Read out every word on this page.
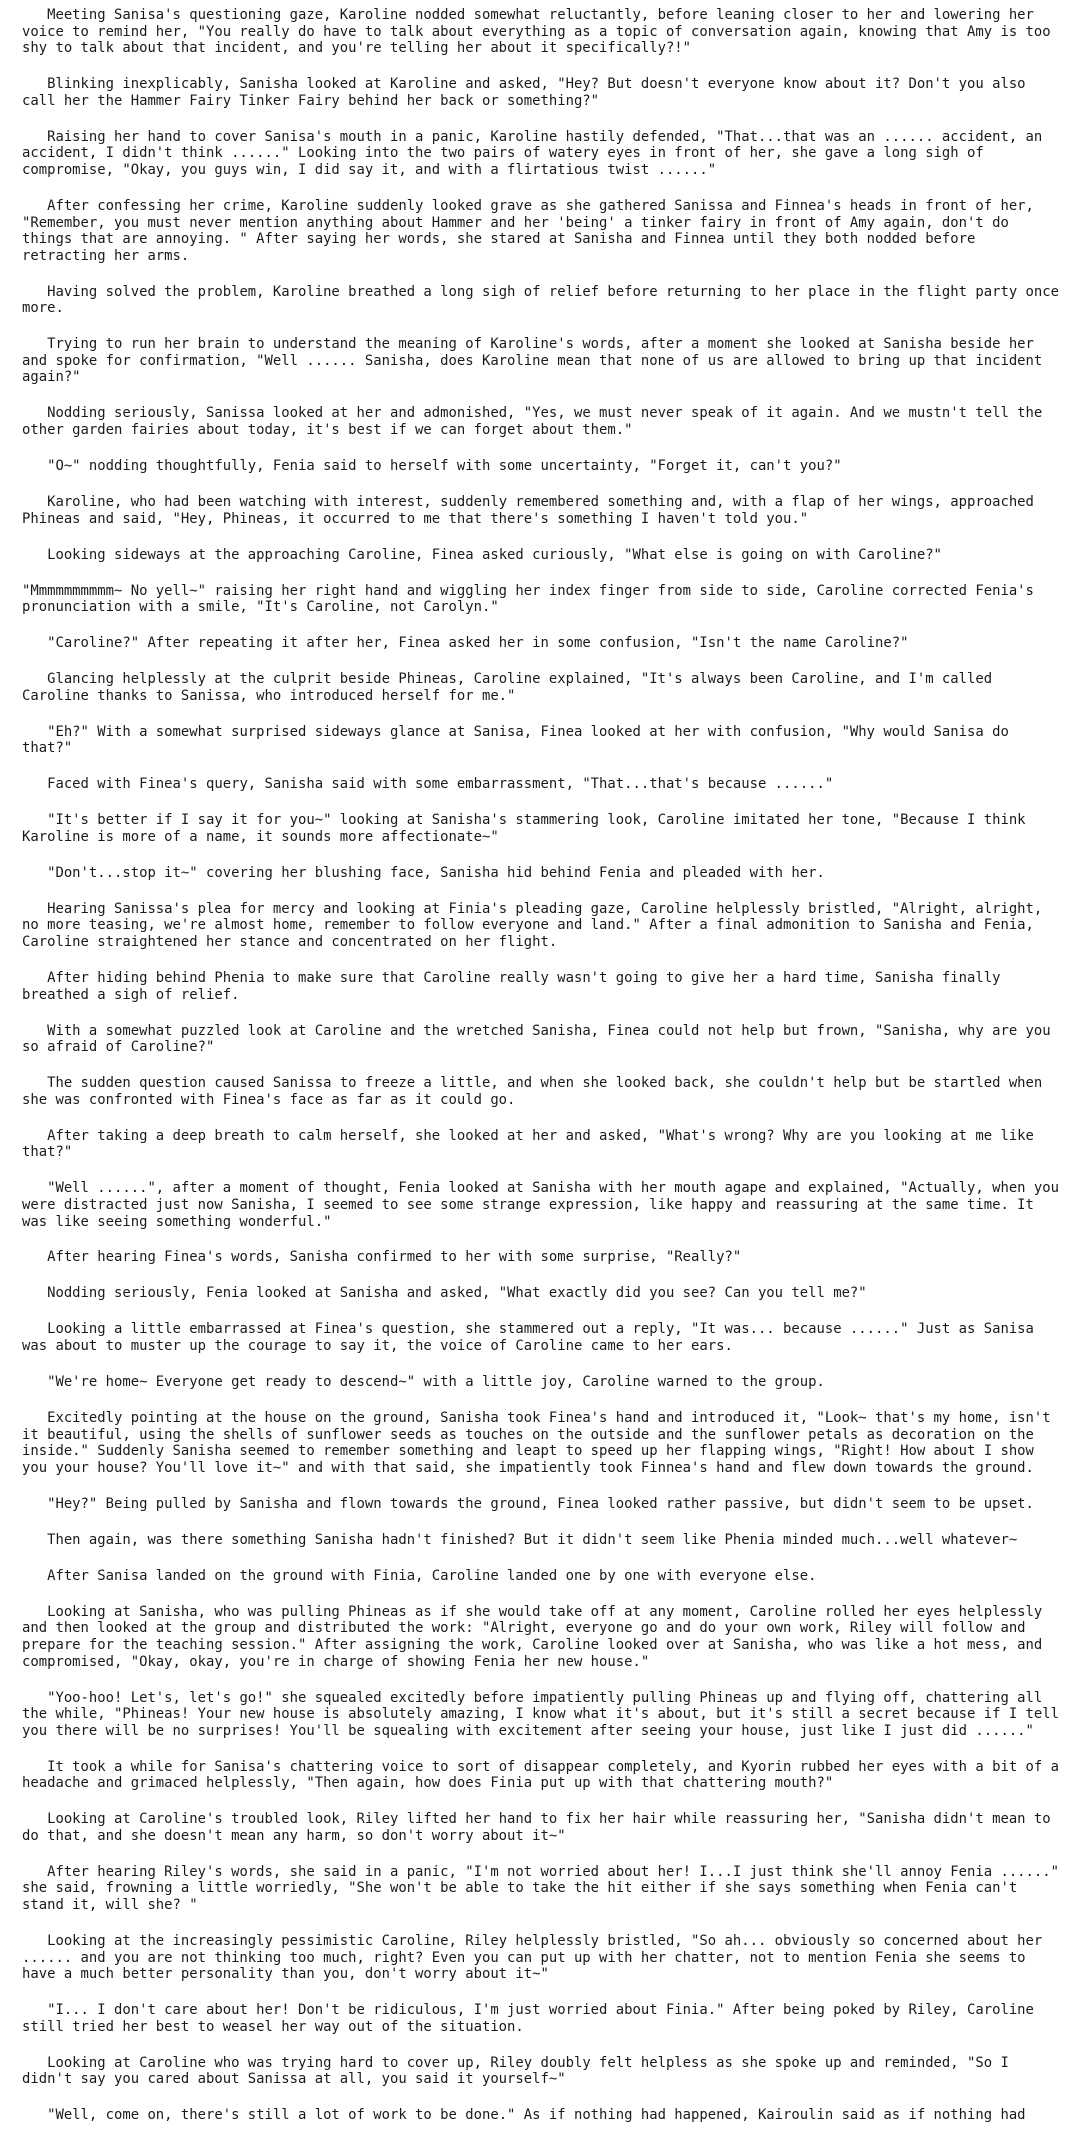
Meeting Sanisa's questioning gaze, Karoline nodded somewhat reluctantly, before leaning closer to her and lowering her voice to remind her, "You really do have to talk about everything as a topic of conversation again, knowing that Amy is too shy to talk about that incident, and you're telling her about it specifically?!"

Blinking inexplicably, Sanisha looked at Karoline and asked, "Hey? But doesn't everyone know about it? Don't you also call her the Hammer Fairy Tinker Fairy behind her back or something?"

Raising her hand to cover Sanisa's mouth in a panic, Karoline hastily defended, "That...that was an ...... accident, an accident, I didn't think ......" Looking into the two pairs of watery eyes in front of her, she gave a long sigh of compromise, "Okay, you guys win, I did say it, and with a flirtatious twist ......"

After confessing her crime, Karoline suddenly looked grave as she gathered Sanissa and Finnea's heads in front of her, "Remember, you must never mention anything about Hammer and her 'being' a tinker fairy in front of Amy again, don't do things that are annoying. " After saying her words, she stared at Sanisha and Finnea until they both nodded before retracting her arms.

Having solved the problem, Karoline breathed a long sigh of relief before returning to her place in the flight party once more.

Trying to run her brain to understand the meaning of Karoline's words, after a moment she looked at Sanisha beside her and spoke for confirmation, "Well ...... Sanisha, does Karoline mean that none of us are allowed to bring up that incident again?"

Nodding seriously, Sanissa looked at her and admonished, "Yes, we must never speak of it again. And we mustn't tell the other garden fairies about today, it's best if we can forget about them."

"O~" nodding thoughtfully, Fenia said to herself with some uncertainty, "Forget it, can't you?"

Karoline, who had been watching with interest, suddenly remembered something and, with a flap of her wings, approached Phineas and said, "Hey, Phineas, it occurred to me that there's something I haven't told you."

Looking sideways at the approaching Caroline, Finea asked curiously, "What else is going on with Caroline?"

"Mmmmmmmmmm~ No yell~" raising her right hand and wiggling her index finger from side to side, Caroline corrected Fenia's pronunciation with a smile, "It's Caroline, not Carolyn."

"Caroline?" After repeating it after her, Finea asked her in some confusion, "Isn't the name Caroline?"

Glancing helplessly at the culprit beside Phineas, Caroline explained, "It's always been Caroline, and I'm called Caroline thanks to Sanissa, who introduced herself for me."

"Eh?" With a somewhat surprised sideways glance at Sanisa, Finea looked at her with confusion, "Why would Sanisa do that?"

Faced with Finea's query, Sanisha said with some embarrassment, "That...that's because ......"

"It's better if I say it for you~" looking at Sanisha's stammering look, Caroline imitated her tone, "Because I think Karoline is more of a name, it sounds more affectionate~"

"Don't...stop it~" covering her blushing face, Sanisha hid behind Fenia and pleaded with her.

Hearing Sanissa's plea for mercy and looking at Finia's pleading gaze, Caroline helplessly bristled, "Alright, alright, no more teasing, we're almost home, remember to follow everyone and land." After a final admonition to Sanisha and Fenia, Caroline straightened her stance and concentrated on her flight.

After hiding behind Phenia to make sure that Caroline really wasn't going to give her a hard time, Sanisha finally breathed a sigh of relief.

With a somewhat puzzled look at Caroline and the wretched Sanisha, Finea could not help but frown, "Sanisha, why are you so afraid of Caroline?"

The sudden question caused Sanissa to freeze a little, and when she looked back, she couldn't help but be startled when she was confronted with Finea's face as far as it could go.

After taking a deep breath to calm herself, she looked at her and asked, "What's wrong? Why are you looking at me like that?"

"Well ......", after a moment of thought, Fenia looked at Sanisha with her mouth agape and explained, "Actually, when you were distracted just now Sanisha, I seemed to see some strange expression, like happy and reassuring at the same time. It was like seeing something wonderful."

After hearing Finea's words, Sanisha confirmed to her with some surprise, "Really?"

Nodding seriously, Fenia looked at Sanisha and asked, "What exactly did you see? Can you tell me?"

Looking a little embarrassed at Finea's question, she stammered out a reply, "It was... because ......" Just as Sanisa was about to muster up the courage to say it, the voice of Caroline came to her ears.

"We're home~ Everyone get ready to descend~" with a little joy, Caroline warned to the group.

Excitedly pointing at the house on the ground, Sanisha took Finea's hand and introduced it, "Look~ that's my home, isn't it beautiful, using the shells of sunflower seeds as touches on the outside and the sunflower petals as decoration on the inside." Suddenly Sanisha seemed to remember something and leapt to speed up her flapping wings, "Right! How about I show you your house? You'll love it~" and with that said, she impatiently took Finnea's hand and flew down towards the ground.

"Hey?" Being pulled by Sanisha and flown towards the ground, Finea looked rather passive, but didn't seem to be upset.

Then again, was there something Sanisha hadn't finished? But it didn't seem like Phenia minded much...well whatever~

After Sanisa landed on the ground with Finia, Caroline landed one by one with everyone else.

Looking at Sanisha, who was pulling Phineas as if she would take off at any moment, Caroline rolled her eyes helplessly and then looked at the group and distributed the work: "Alright, everyone go and do your own work, Riley will follow and prepare for the teaching session." After assigning the work, Caroline looked over at Sanisha, who was like a hot mess, and compromised, "Okay, okay, you're in charge of showing Fenia her new house."

"Yoo-hoo! Let's, let's go!" she squealed excitedly before impatiently pulling Phineas up and flying off, chattering all the while, "Phineas! Your new house is absolutely amazing, I know what it's about, but it's still a secret because if I tell you there will be no surprises! You'll be squealing with excitement after seeing your house, just like I just did ......"

It took a while for Sanisa's chattering voice to sort of disappear completely, and Kyorin rubbed her eyes with a bit of a headache and grimaced helplessly, "Then again, how does Finia put up with that chattering mouth?"

Looking at Caroline's troubled look, Riley lifted her hand to fix her hair while reassuring her, "Sanisha didn't mean to do that, and she doesn't mean any harm, so don't worry about it~"

After hearing Riley's words, she said in a panic, "I'm not worried about her! I...I just think she'll annoy Fenia ......" she said, frowning a little worriedly, "She won't be able to take the hit either if she says something when Fenia can't stand it, will she? "

Looking at the increasingly pessimistic Caroline, Riley helplessly bristled, "So ah... obviously so concerned about her ...... and you are not thinking too much, right? Even you can put up with her chatter, not to mention Fenia she seems to have a much better personality than you, don't worry about it~"

"I... I don't care about her! Don't be ridiculous, I'm just worried about Finia." After being poked by Riley, Caroline still tried her best to weasel her way out of the situation.

Looking at Caroline who was trying hard to cover up, Riley doubly felt helpless as she spoke up and reminded, "So I didn't say you cared about Sanissa at all, you said it yourself~"

"Well, come on, there's still a lot of work to be done." As if nothing had happened, Kairoulin said as if nothing had
